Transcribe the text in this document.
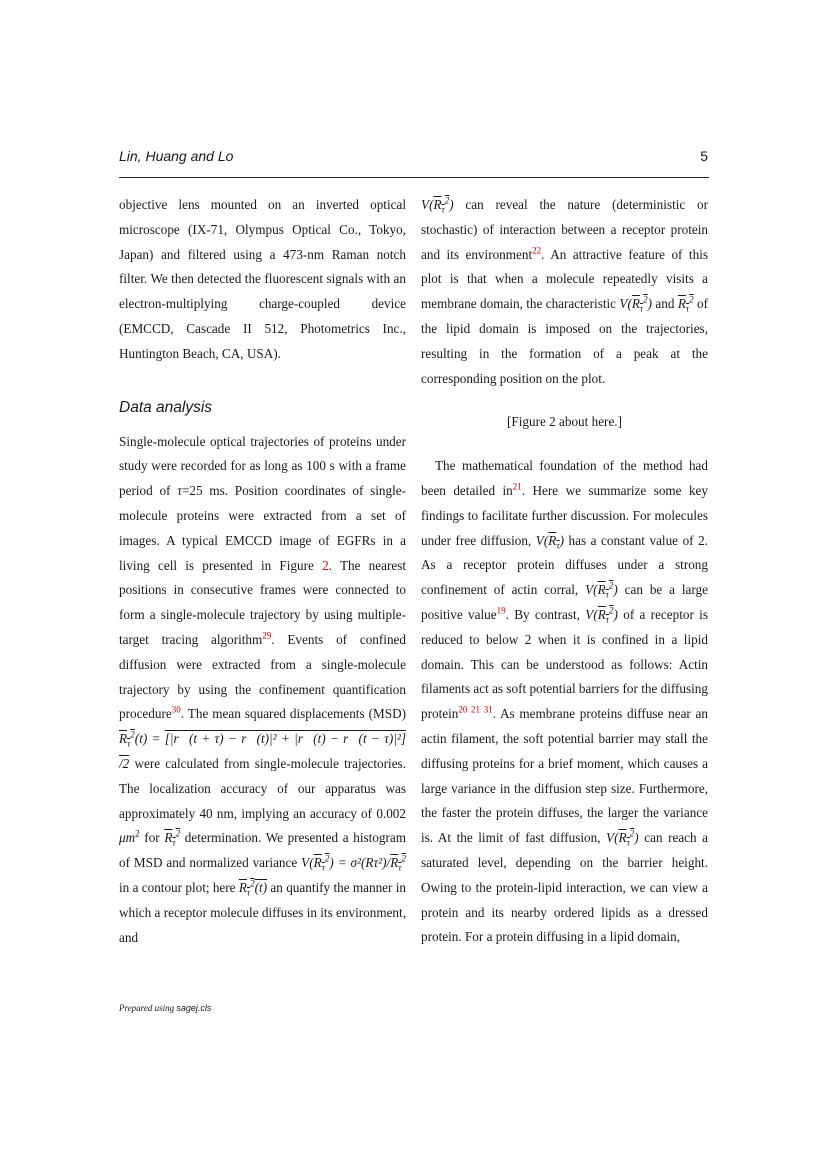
Lin, Huang and Lo	5

objective lens mounted on an inverted optical microscope (IX-71, Olympus Optical Co., Tokyo, Japan) and filtered using a 473-nm Raman notch filter. We then detected the fluorescent signals with an electron-multiplying charge-coupled device (EMCCD, Cascade II 512, Photometrics Inc., Huntington Beach, CA, USA).

Data analysis

Single-molecule optical trajectories of proteins under study were recorded for as long as 100 s with a frame period of τ=25 ms. Position coordinates of single-molecule proteins were extracted from a set of images. A typical EMCCD image of EGFRs in a living cell is presented in Figure 2. The nearest positions in consecutive frames were connected to form a single-molecule trajectory by using multiple-target tracing algorithm$^{29}$. Events of confined diffusion were extracted from a single-molecule trajectory by using the confinement quantification procedure$^{30}$. The mean squared displacements (MSD) $R_\tau^2(t)$ = [|r⃗(t + τ) − r⃗(t)|² + |r⃗(t) − r⃗(t − τ)|²] /2 were calculated from single-molecule trajectories. The localization accuracy of our apparatus was approximately 40 nm, implying an accuracy of 0.002 $\mu m^2$ for $R_\tau^2$ determination. We presented a histogram of MSD and normalized variance $V(R_\tau^2) = \sigma^2(R\tau^2)/R_\tau^2$ in a contour plot; here $R_\tau^2(t)$ an quantify the manner in which a receptor molecule diffuses in its environment, and

$V(R_\tau^2)$ can reveal the nature (deterministic or stochastic) of interaction between a receptor protein and its environment$^{22}$. An attractive feature of this plot is that when a molecule repeatedly visits a membrane domain, the characteristic $V(R_\tau^2)$ and $R_\tau^2$ of the lipid domain is imposed on the trajectories, resulting in the formation of a peak at the corresponding position on the plot.

[Figure 2 about here.]

The mathematical foundation of the method had been detailed in$^{21}$. Here we summarize some key findings to facilitate further discussion. For molecules under free diffusion, $V(R_\tau)$ has a constant value of 2. As a receptor protein diffuses under a strong confinement of actin corral, $V(R_\tau^2)$ can be a large positive value$^{19}$. By contrast, $V(R_\tau^2)$ of a receptor is reduced to below 2 when it is confined in a lipid domain. This can be understood as follows: Actin filaments act as soft potential barriers for the diffusing protein$^{20 21 31}$. As membrane proteins diffuse near an actin filament, the soft potential barrier may stall the diffusing proteins for a brief moment, which causes a large variance in the diffusion step size. Furthermore, the faster the protein diffuses, the larger the variance is. At the limit of fast diffusion, $V(R_\tau^2)$ can reach a saturated level, depending on the barrier height. Owing to the protein-lipid interaction, we can view a protein and its nearby ordered lipids as a dressed protein. For a protein diffusing in a lipid domain,

Prepared using sagej.cls
